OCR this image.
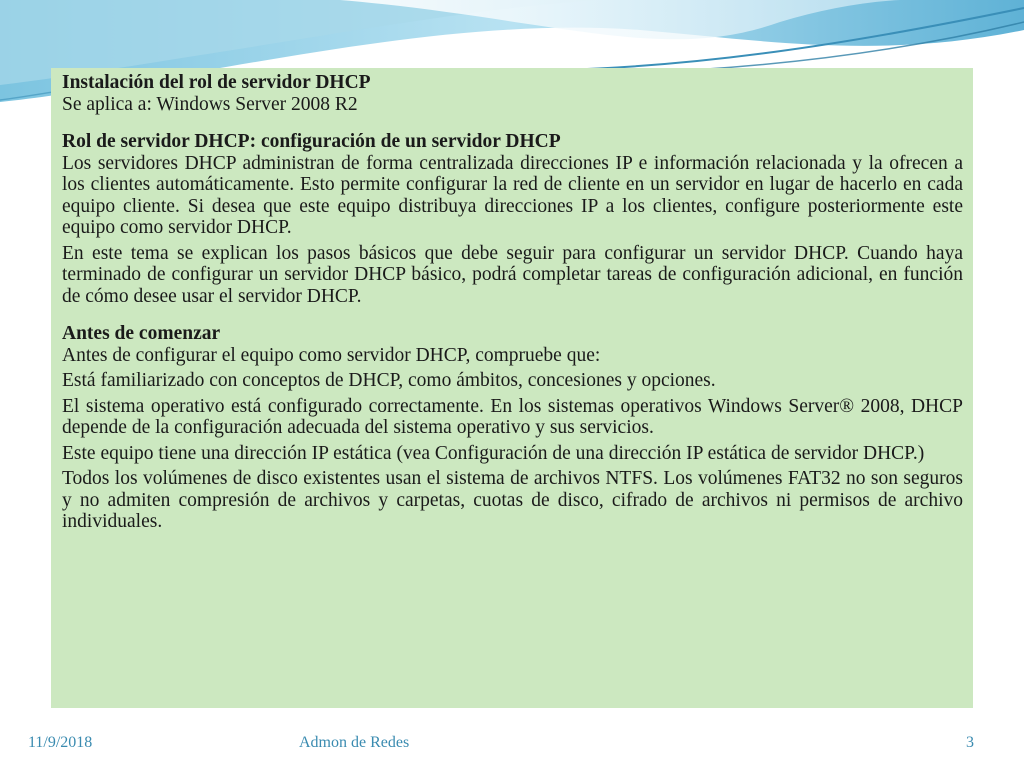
Instalación del rol de servidor DHCP

Se aplica a: Windows Server 2008 R2

Rol de servidor DHCP: configuración de un servidor DHCP

Los servidores DHCP administran de forma centralizada direcciones IP e información relacionada y la ofrecen a los clientes automáticamente. Esto permite configurar la red de cliente en un servidor en lugar de hacerlo en cada equipo cliente. Si desea que este equipo distribuya direcciones IP a los clientes, configure posteriormente este equipo como servidor DHCP.

En este tema se explican los pasos básicos que debe seguir para configurar un servidor DHCP. Cuando haya terminado de configurar un servidor DHCP básico, podrá completar tareas de configuración adicional, en función de cómo desee usar el servidor DHCP.

Antes de comenzar

Antes de configurar el equipo como servidor DHCP, compruebe que:

Está familiarizado con conceptos de DHCP, como ámbitos, concesiones y opciones.

El sistema operativo está configurado correctamente. En los sistemas operativos Windows Server® 2008, DHCP depende de la configuración adecuada del sistema operativo y sus servicios.

Este equipo tiene una dirección IP estática (vea Configuración de una dirección IP estática de servidor DHCP.)

Todos los volúmenes de disco existentes usan el sistema de archivos NTFS. Los volúmenes FAT32 no son seguros y no admiten compresión de archivos y carpetas, cuotas de disco, cifrado de archivos ni permisos de archivo individuales.

11/9/2018	Admon de Redes	3
